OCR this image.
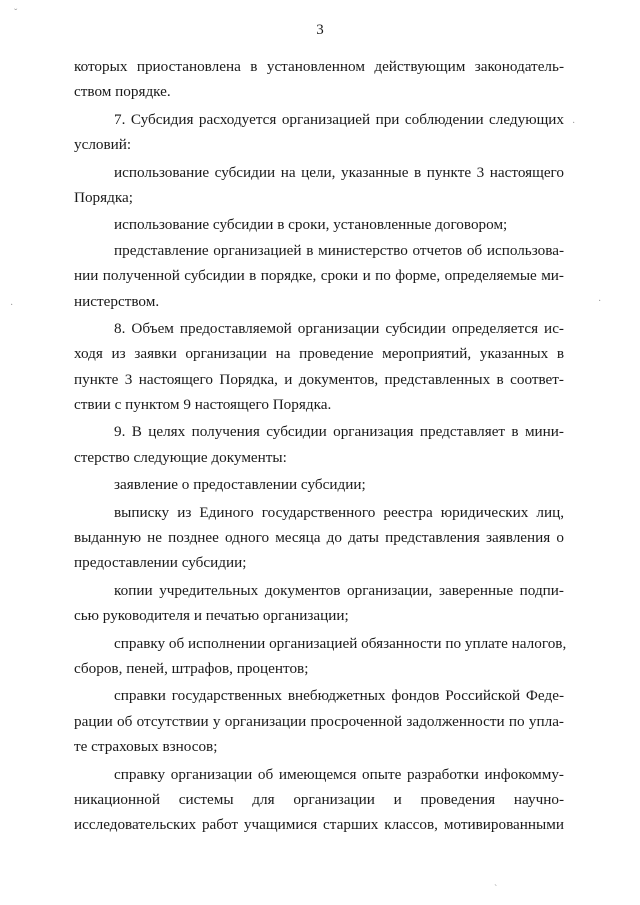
3
которых приостановлена в установленном действующим законодатель-
ством порядке.
7. Субсидия расходуется организацией при соблюдении следующих
условий:
использование субсидии на цели, указанные в пункте 3 настоящего
Порядка;
использование субсидии в сроки, установленные договором;
представление организацией в министерство отчетов об использова-
нии полученной субсидии в порядке, сроки и по форме, определяемые ми-
нистерством.
8. Объем предоставляемой организации субсидии определяется ис-
ходя из заявки организации на проведение мероприятий, указанных в
пункте 3 настоящего Порядка, и документов, представленных в соответ-
ствии с пунктом 9 настоящего Порядка.
9. В целях получения субсидии организация представляет в мини-
стерство следующие документы:
заявление о предоставлении субсидии;
выписку из Единого государственного реестра юридических лиц,
выданную не позднее одного месяца до даты представления заявления о
предоставлении субсидии;
копии учредительных документов организации, заверенные подпи-
сью руководителя и печатью организации;
справку об исполнении организацией обязанности по уплате налогов,
сборов, пеней, штрафов, процентов;
справки государственных внебюджетных фондов Российской Феде-
рации об отсутствии у организации просроченной задолженности по упла-
те страховых взносов;
справку организации об имеющемся опыте разработки инфокомму-
никационной системы для организации и проведения научно-
исследовательских работ учащимися старших классов, мотивированными
ˇ
·
·	·
ˋ
